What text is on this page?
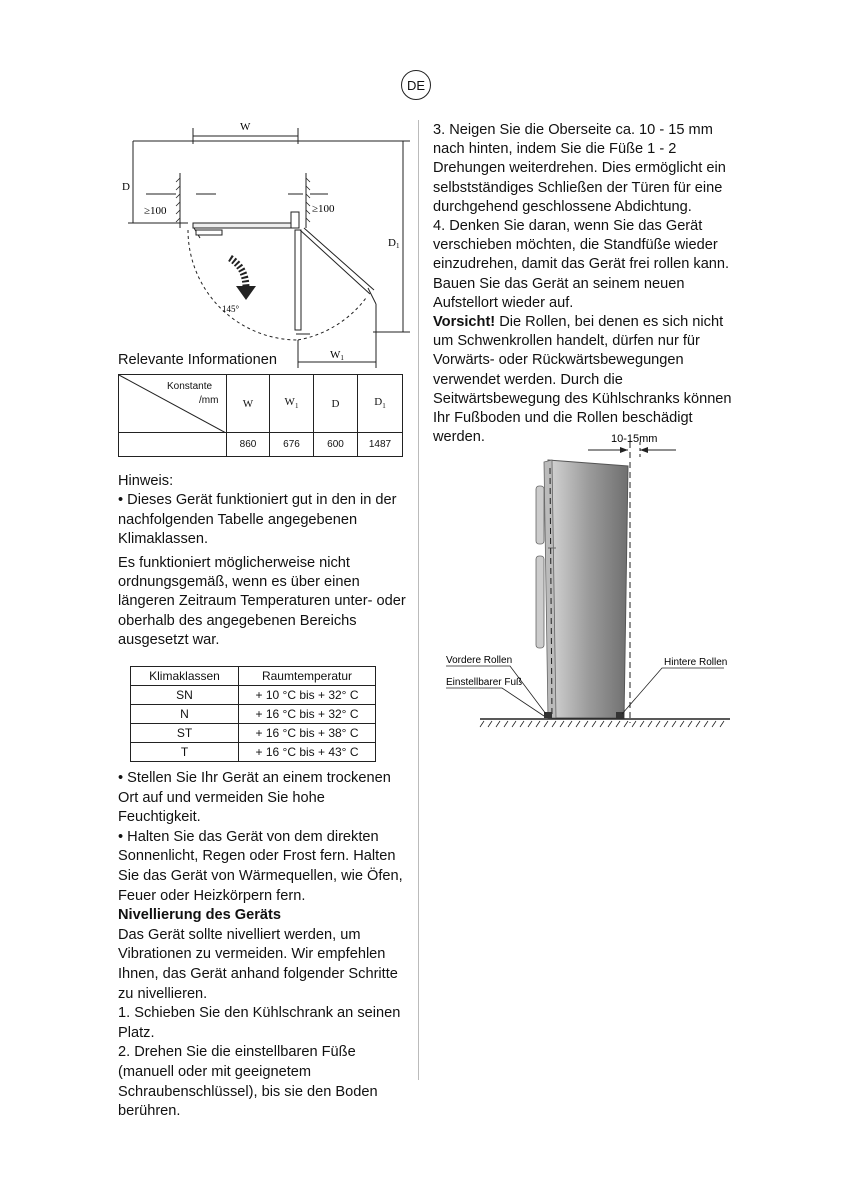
DE
W
D
≥100	≥100
D1
145°
W1
Relevante Informationen
Konstante
/mm	W	$W_1$	D	$D_1$
	860	676	600	1487

Hinweis:

• Dieses Gerät funktioniert gut in den in der nachfolgenden Tabelle angegebenen Klimaklassen.

Es funktioniert möglicherweise nicht ordnungsgemäß, wenn es über einen längeren Zeitraum Temperaturen unter- oder oberhalb des angegebenen Bereichs ausgesetzt war.

Klimaklassen	Raumtemperatur
SN	+ 10 °C bis + 32° C
N	+ 16 °C bis + 32° C
ST	+ 16 °C bis + 38° C
T	+ 16 °C bis + 43° C

• Stellen Sie Ihr Gerät an einem trockenen Ort auf und vermeiden Sie hohe Feuchtigkeit.

• Halten Sie das Gerät von dem direkten Sonnenlicht, Regen oder Frost fern. Halten Sie das Gerät von Wärmequellen, wie Öfen, Feuer oder Heizkörpern fern.

Nivellierung des Geräts

Das Gerät sollte nivelliert werden, um Vibrationen zu vermeiden. Wir empfehlen Ihnen, das Gerät anhand folgender Schritte zu nivellieren.

1. Schieben Sie den Kühlschrank an seinen Platz.

2. Drehen Sie die einstellbaren Füße (manuell oder mit geeignetem Schraubenschlüssel), bis sie den Boden berühren.

3. Neigen Sie die Oberseite ca. 10 - 15 mm nach hinten, indem Sie die Füße 1 - 2 Drehungen weiterdrehen. Dies ermöglicht ein selbstständiges Schließen der Türen für eine durchgehend geschlossene Abdichtung.

4. Denken Sie daran, wenn Sie das Gerät verschieben möchten, die Standfüße wieder einzudrehen, damit das Gerät frei rollen kann. Bauen Sie das Gerät an seinem neuen Aufstellort wieder auf.

Vorsicht! Die Rollen, bei denen es sich nicht um Schwenkrollen handelt, dürfen nur für Vorwärts- oder Rückwärtsbewegungen verwendet werden. Durch die Seitwärtsbewegung des Kühlschranks können Ihr Fußboden und die Rollen beschädigt werden.	10-15mm
Vordere Rollen
Einstellbarer Fuß
Hintere Rollen
